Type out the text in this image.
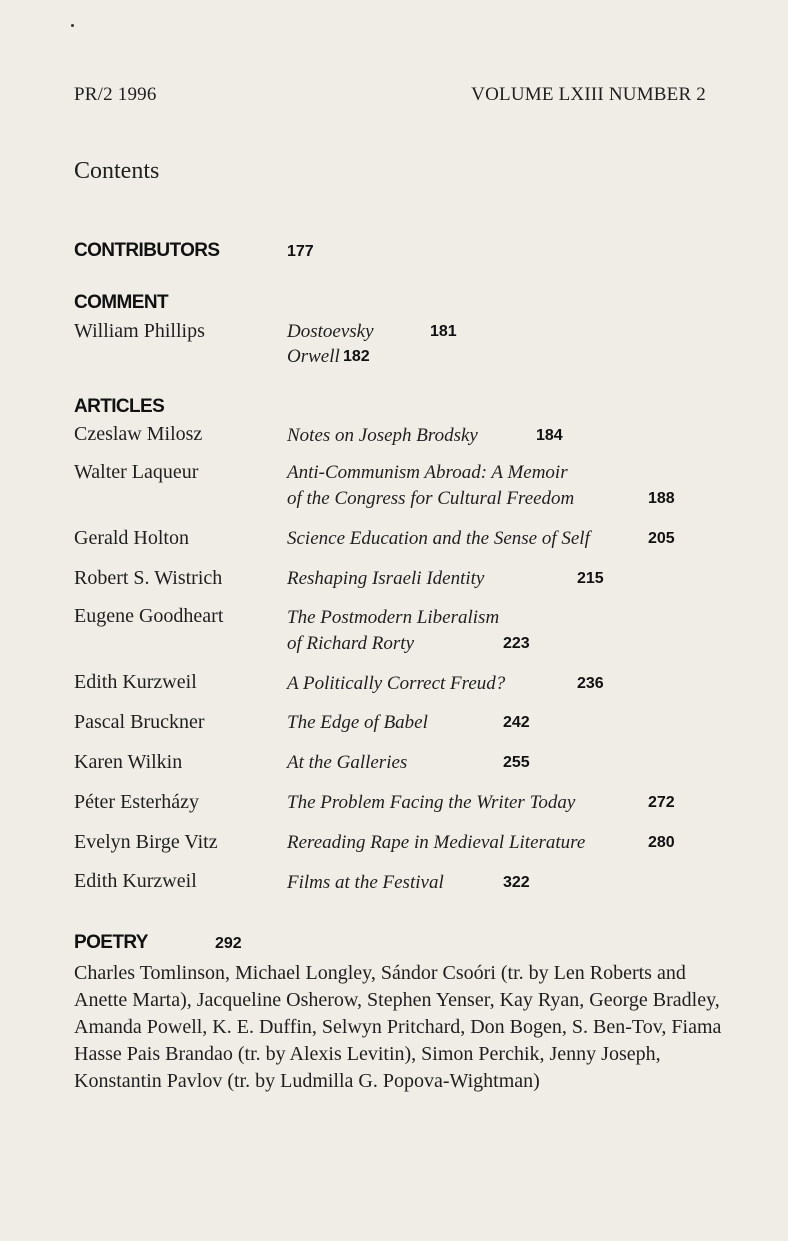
PR/2 1996	VOLUME LXIII NUMBER 2
Contents
CONTRIBUTORS	177
COMMENT
William Phillips	Dostoevsky	181
Orwell 182
ARTICLES
Czeslaw Milosz	Notes on Joseph Brodsky	184
Walter Laqueur	Anti-Communism Abroad: A Memoir
of the Congress for Cultural Freedom	188
Gerald Holton	Science Education and the Sense of Self	205
Robert S. Wistrich	Reshaping Israeli Identity	215
Eugene Goodheart	The Postmodern Liberalism
of Richard Rorty	223
Edith Kurzweil	A Politically Correct Freud?	236
Pascal Bruckner	The Edge of Babel	242
Karen Wilkin	At the Galleries	255
Péter Esterházy	The Problem Facing the Writer Today	272
Evelyn Birge Vitz	Rereading Rape in Medieval Literature	280
Edith Kurzweil	Films at the Festival	322
POETRY	292
Charles Tomlinson, Michael Longley, Sándor Csoóri (tr. by Len Roberts and Anette Marta), Jacqueline Osherow, Stephen Yenser, Kay Ryan, George Bradley, Amanda Powell, K. E. Duffin, Selwyn Pritchard, Don Bogen, S. Ben-Tov, Fiama Hasse Pais Brandao (tr. by Alexis Levitin), Simon Perchik, Jenny Joseph, Konstantin Pavlov (tr. by Ludmilla G. Popova-Wightman)
